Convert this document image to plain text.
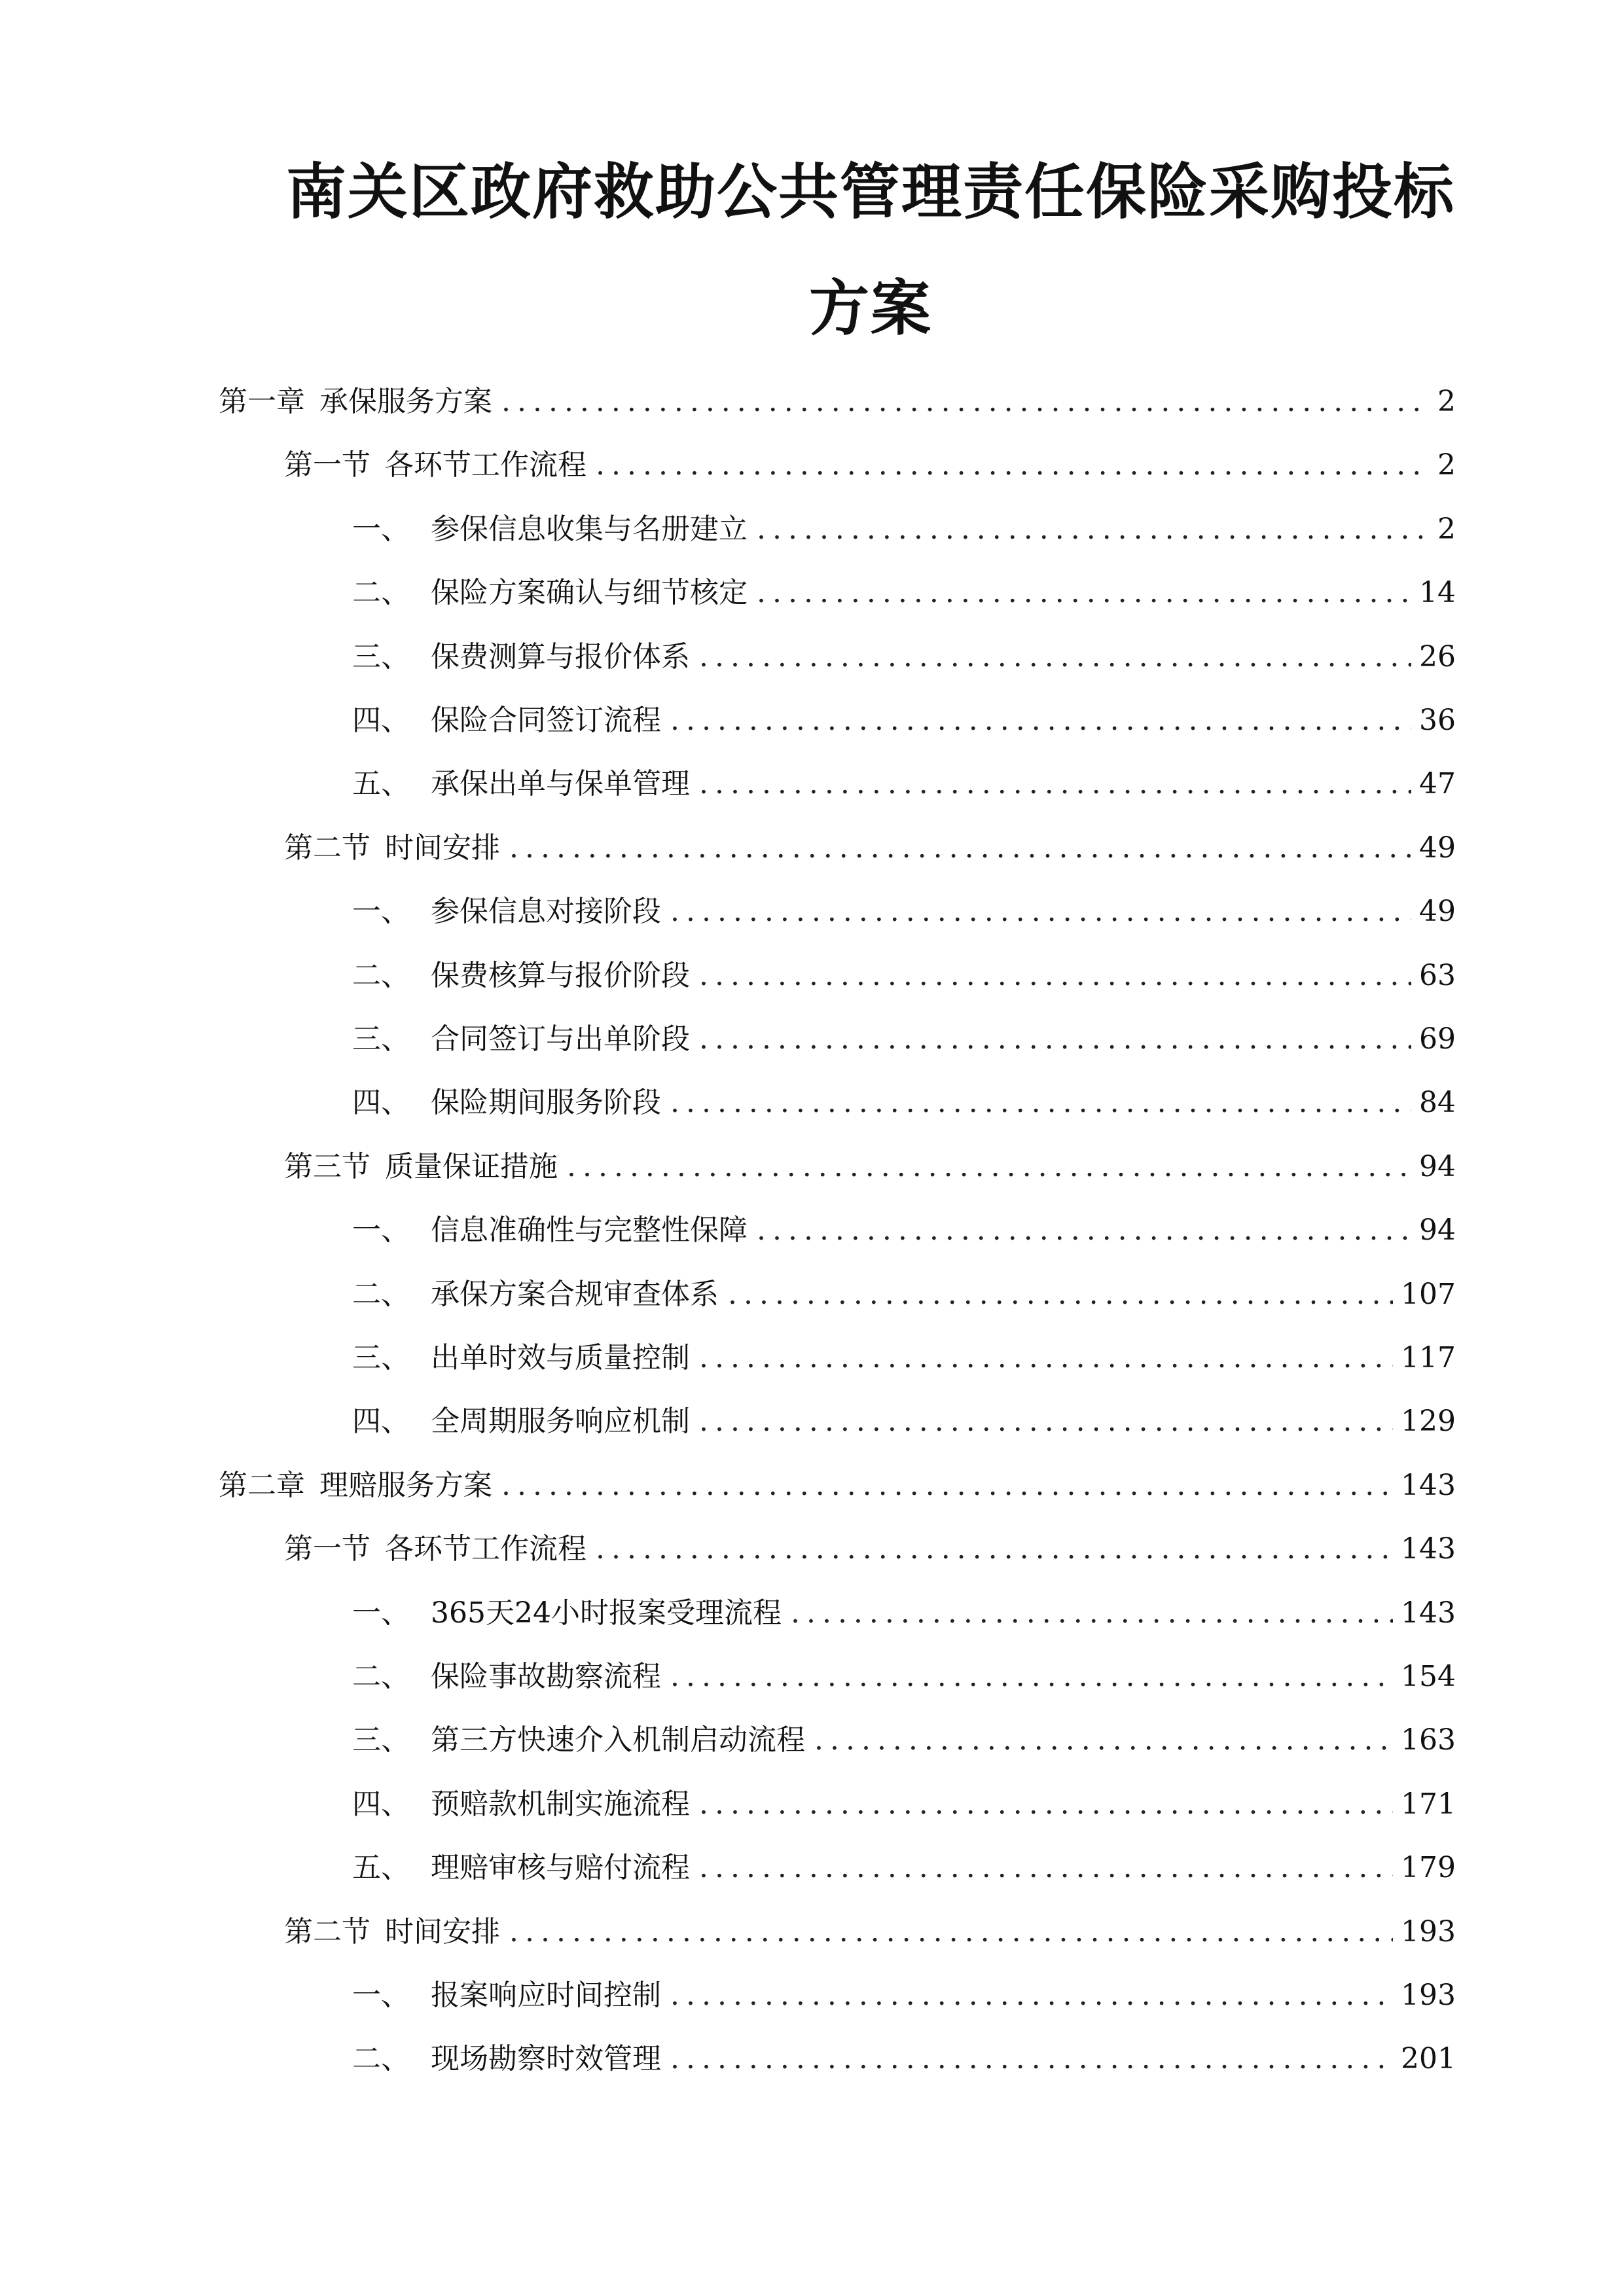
南关区政府救助公共管理责任保险采购投标
方案
第一章 承保服务方案 .....	2
第一节 各环节工作流程 .....	2
一、 参保信息收集与名册建立 .....	2
二、 保险方案确认与细节核定 .....	14
三、 保费测算与报价体系 .....	26
四、 保险合同签订流程 .....	36
五、 承保出单与保单管理 .....	47
第二节 时间安排 .....	49
一、 参保信息对接阶段 .....	49
二、 保费核算与报价阶段 .....	63
三、 合同签订与出单阶段 .....	69
四、 保险期间服务阶段 .....	84
第三节 质量保证措施 .....	94
一、 信息准确性与完整性保障 .....	94
二、 承保方案合规审查体系 .....	107
三、 出单时效与质量控制 .....	117
四、 全周期服务响应机制 .....	129
第二章 理赔服务方案 .....	143
第一节 各环节工作流程 .....	143
一、 365天24小时报案受理流程 .....	143
二、 保险事故勘察流程 .....	154
三、 第三方快速介入机制启动流程 .....	163
四、 预赔款机制实施流程 .....	171
五、 理赔审核与赔付流程 .....	179
第二节 时间安排 .....	193
一、 报案响应时间控制 .....	193
二、 现场勘察时效管理 .....	201
